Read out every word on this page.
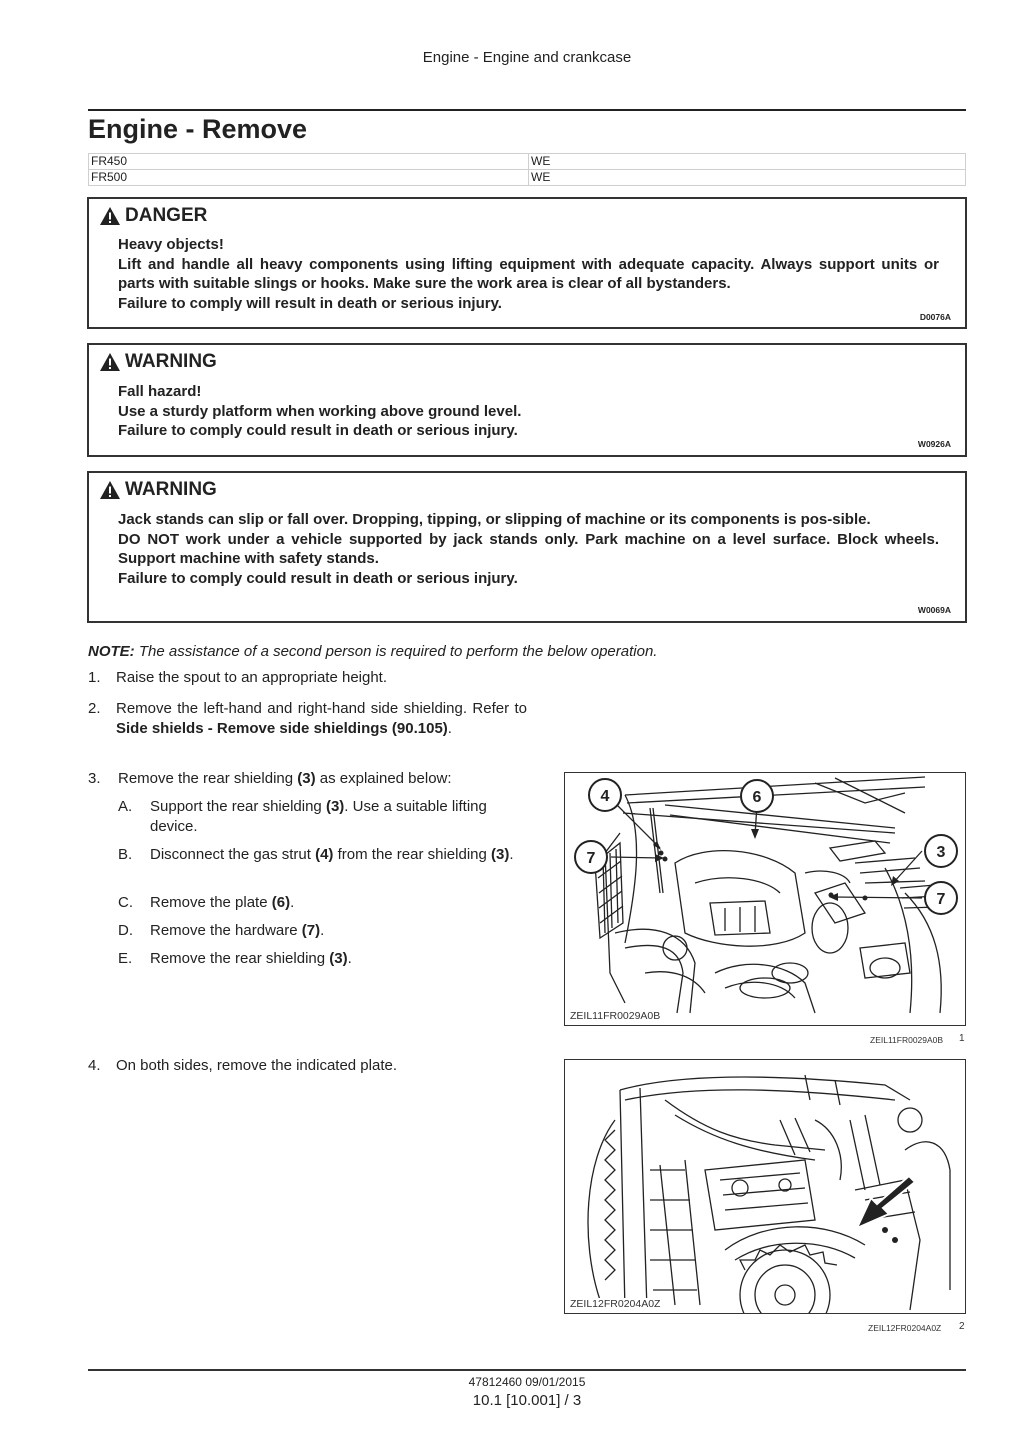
Engine - Engine and crankcase
Engine - Remove
FR450	WE
FR500	WE
DANGER
Heavy objects!
Lift and handle all heavy components using lifting equipment with adequate capacity. Always support units or parts with suitable slings or hooks. Make sure the work area is clear of all bystanders.
Failure to comply will result in death or serious injury.
D0076A
WARNING
Fall hazard!
Use a sturdy platform when working above ground level.
Failure to comply could result in death or serious injury.
W0926A
WARNING
Jack stands can slip or fall over. Dropping, tipping, or slipping of machine or its components is pos-sible.
DO NOT work under a vehicle supported by jack stands only. Park machine on a level surface. Block wheels. Support machine with safety stands.
Failure to comply could result in death or serious injury.
W0069A
NOTE: The assistance of a second person is required to perform the below operation.
1. Raise the spout to an appropriate height.
2. Remove the left-hand and right-hand side shielding. Refer to Side shields - Remove side shieldings (90.105).
3. Remove the rear shielding (3) as explained below:
A. Support the rear shielding (3). Use a suitable lifting device.
B. Disconnect the gas strut (4) from the rear shielding (3).
C. Remove the plate (6).
D. Remove the hardware (7).
E. Remove the rear shielding (3).
4. On both sides, remove the indicated plate.
4	6
7	3
7
ZEIL11FR0029A0B
ZEIL11FR0029A0B 1
ZEIL12FR0204A0Z
ZEIL12FR0204A0Z 2
47812460 09/01/2015
10.1 [10.001] / 3
